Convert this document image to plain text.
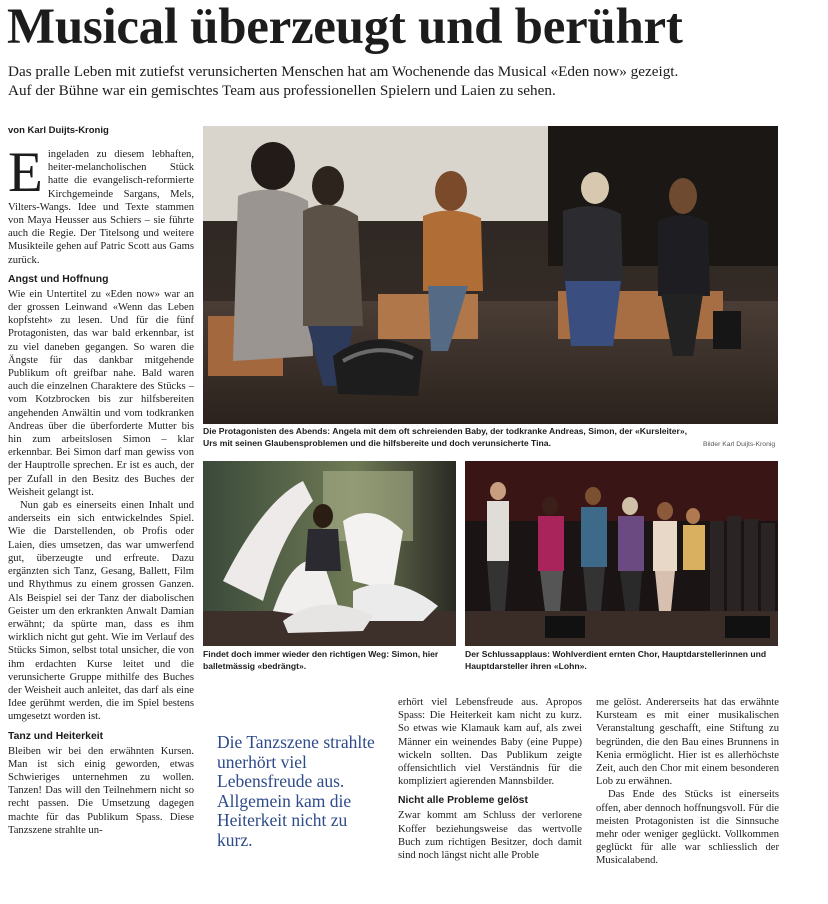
Musical überzeugt und berührt
Das pralle Leben mit zutiefst verunsicherten Menschen hat am Wochenende das Musical «Eden now» gezeigt.
Auf der Bühne war ein gemischtes Team aus professionellen Spielern und Laien zu sehen.
von Karl Duijts-Kronig

Eingeladen zu diesem lebhaften, heiter-melancholischen Stück hatte die evangelisch-reformierte Kirchgemeinde Sargans, Mels, Vilters-Wangs. Idee und Texte stammen von Maya Heusser aus Schiers – sie führte auch die Regie. Der Titelsong und weitere Musikteile gehen auf Patric Scott aus Gams zurück.

Angst und Hoffnung

Wie ein Untertitel zu «Eden now» war an der grossen Leinwand «Wenn das Leben kopfsteht» zu lesen. Und für die fünf Protagonisten, das war bald erkennbar, ist zu viel daneben gegangen. So waren die Ängste für das dankbar mitgehende Publikum oft greifbar nahe. Bald waren auch die einzelnen Charaktere des Stücks – vom Kotzbrocken bis zur hilfsbereiten angehenden Anwältin und vom todkranken Andreas über die überforderte Mutter bis hin zum arbeitslosen Simon – klar erkennbar. Bei Simon darf man gewiss von der Hauptrolle sprechen. Er ist es auch, der per Zufall in den Besitz des Buches der Weisheit gelangt ist.

Nun gab es einerseits einen Inhalt und anderseits ein sich entwickelndes Spiel. Wie die Darstellenden, ob Profis oder Laien, dies umsetzen, das war umwerfend gut, überzeugte und erfreute. Dazu ergänzten sich Tanz, Gesang, Ballett, Film und Rhythmus zu einem grossen Ganzen. Als Beispiel sei der Tanz der diabolischen Geister um den erkrankten Anwalt Damian erwähnt; da spürte man, dass es ihm wirklich nicht gut geht. Wie im Verlauf des Stücks Simon, selbst total unsicher, die von ihm erdachten Kurse leitet und die verunsicherte Gruppe mithilfe des Buches der Weisheit auch anleitet, das darf als eine Idee gerühmt werden, die im Spiel bestens umgesetzt worden ist.

Tanz und Heiterkeit

Bleiben wir bei den erwähnten Kursen. Man ist sich einig geworden, etwas Schwieriges unternehmen zu wollen. Tanzen! Das will den Teilnehmern nicht so recht passen. Die Umsetzung dagegen machte für das Publikum Spass. Diese Tanzszene strahlte un-

Die Protagonisten des Abends: Angela mit dem oft schreienden Baby, der todkranke Andreas, Simon, der «Kursleiter», Urs mit seinen Glaubensproblemen und die hilfsbereite und doch verunsicherte Tina.	Bilder Karl Duijts-Kronig
Findet doch immer wieder den richtigen Weg: Simon, hier balletmässig «bedrängt».
Der Schlussapplaus: Wohlverdient ernten Chor, Hauptdarstellerinnen und Hauptdarsteller ihren «Lohn».
Die Tanzszene strahlte unerhört viel Lebensfreude aus. Allgemein kam die Heiterkeit nicht zu kurz.

erhört viel Lebensfreude aus. Apropos Spass: Die Heiterkeit kam nicht zu kurz. So etwas wie Klamauk kam auf, als zwei Männer ein weinendes Baby (eine Puppe) wickeln sollten. Das Publikum zeigte offensichtlich viel Verständnis für die kompliziert agierenden Mannsbilder.

Nicht alle Probleme gelöst

Zwar kommt am Schluss der verlorene Koffer beziehungsweise das wertvolle Buch zum richtigen Besitzer, doch damit sind noch längst nicht alle Proble

me gelöst. Andererseits hat das erwähnte Kursteam es mit einer musikalischen Veranstaltung geschafft, eine Stiftung zu begründen, die den Bau eines Brunnens in Kenia ermöglicht. Hier ist es allerhöchste Zeit, auch den Chor mit einem besonderen Lob zu erwähnen.

Das Ende des Stücks ist einerseits offen, aber dennoch hoffnungsvoll. Für die meisten Protagonisten ist die Sinnsuche mehr oder weniger geglückt. Vollkommen geglückt für alle war schliesslich der Musicalabend.
